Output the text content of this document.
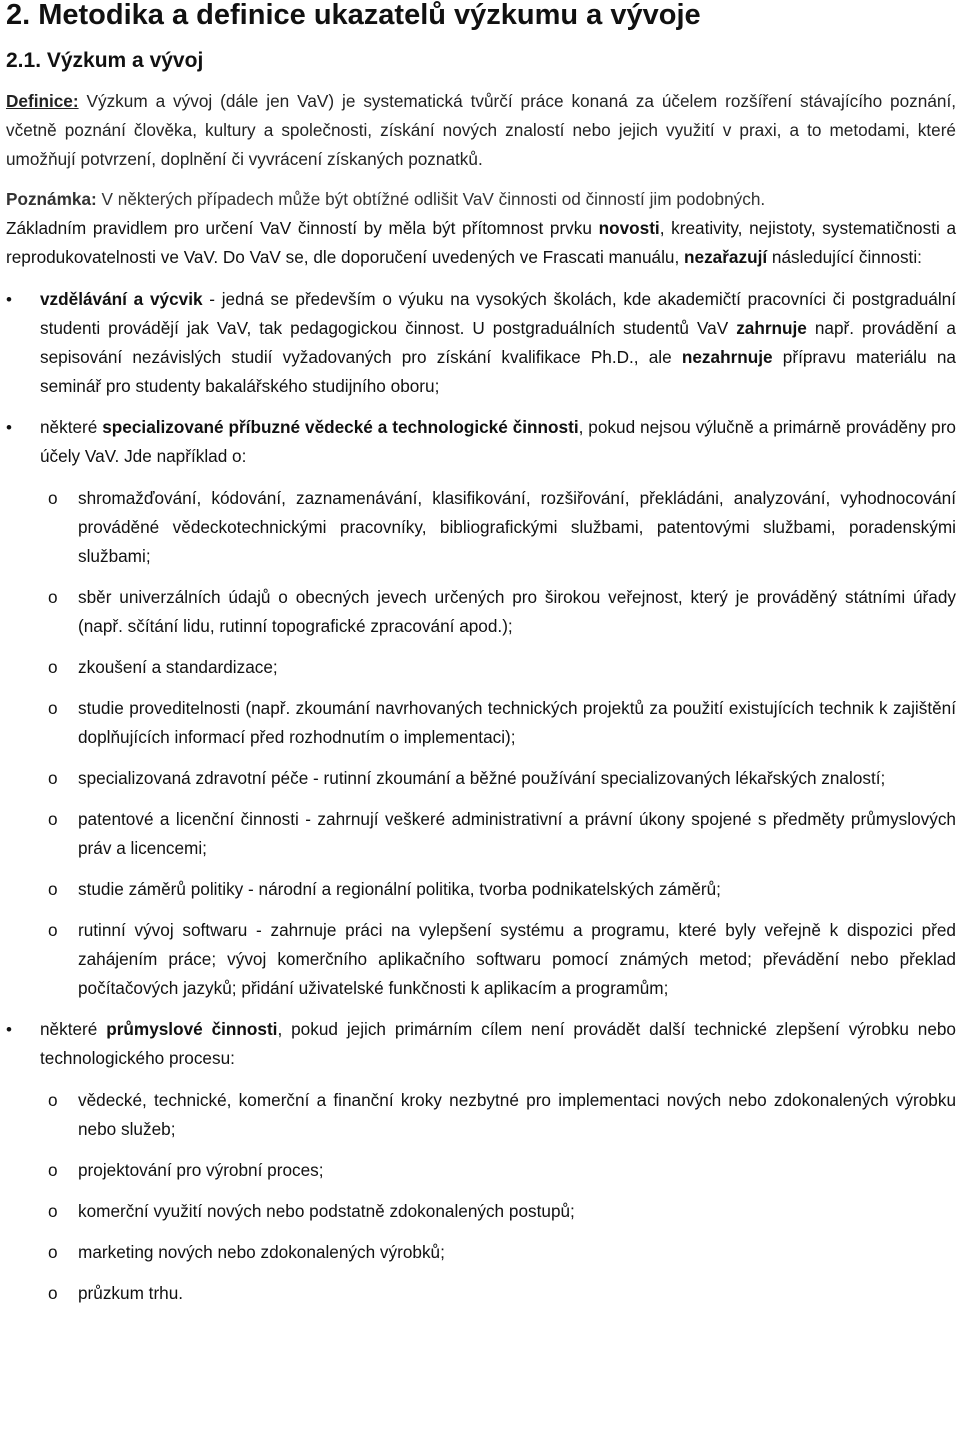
2. Metodika a definice ukazatelů výzkumu a vývoje
2.1. Výzkum a vývoj

Definice: Výzkum a vývoj (dále jen VaV) je systematická tvůrčí práce konaná za účelem rozšíření stávajícího poznání, včetně poznání člověka, kultury a společnosti, získání nových znalostí nebo jejich využití v praxi, a to metodami, které umožňují potvrzení, doplnění či vyvrácení získaných poznatků.

Poznámka: V některých případech může být obtížné odlišit VaV činnosti od činností jim podobných.

Základním pravidlem pro určení VaV činností by měla být přítomnost prvku novosti, kreativity, nejistoty, systematičnosti a reprodukovatelnosti ve VaV. Do VaV se, dle doporučení uvedených ve Frascati manuálu, nezařazují následující činnosti:

• vzdělávání a výcvik - jedná se především o výuku na vysokých školách, kde akademičtí pracovníci či postgraduální studenti provádějí jak VaV, tak pedagogickou činnost. U postgraduálních studentů VaV zahrnuje např. provádění a sepisování nezávislých studií vyžadovaných pro získání kvalifikace Ph.D., ale nezahrnuje přípravu materiálu na seminář pro studenty bakalářského studijního oboru;
• některé specializované příbuzné vědecké a technologické činnosti, pokud nejsou výlučně a primárně prováděny pro účely VaV. Jde například o:
o shromažďování, kódování, zaznamenávání, klasifikování, rozšiřování, překládáni, analyzování, vyhodnocování prováděné vědeckotechnickými pracovníky, bibliografickými službami, patentovými službami, poradenskými službami;
o sběr univerzálních údajů o obecných jevech určených pro širokou veřejnost, který je prováděný státními úřady (např. sčítání lidu, rutinní topografické zpracování apod.);
o zkoušení a standardizace;
o studie proveditelnosti (např. zkoumání navrhovaných technických projektů za použití existujících technik k zajištění doplňujících informací před rozhodnutím o implementaci);
o specializovaná zdravotní péče - rutinní zkoumání a běžné používání specializovaných lékařských znalostí;
o patentové a licenční činnosti - zahrnují veškeré administrativní a právní úkony spojené s předměty průmyslových práv a licencemi;
o studie záměrů politiky - národní a regionální politika, tvorba podnikatelských záměrů;
o rutinní vývoj softwaru - zahrnuje práci na vylepšení systému a programu, které byly veřejně k dispozici před zahájením práce; vývoj komerčního aplikačního softwaru pomocí známých metod; převádění nebo překlad počítačových jazyků; přidání uživatelské funkčnosti k aplikacím a programům;
• některé průmyslové činnosti, pokud jejich primárním cílem není provádět další technické zlepšení výrobku nebo technologického procesu:
o vědecké, technické, komerční a finanční kroky nezbytné pro implementaci nových nebo zdokonalených výrobku nebo služeb;
o projektování pro výrobní proces;
o komerční využití nových nebo podstatně zdokonalených postupů;
o marketing nových nebo zdokonalených výrobků;
o průzkum trhu.
